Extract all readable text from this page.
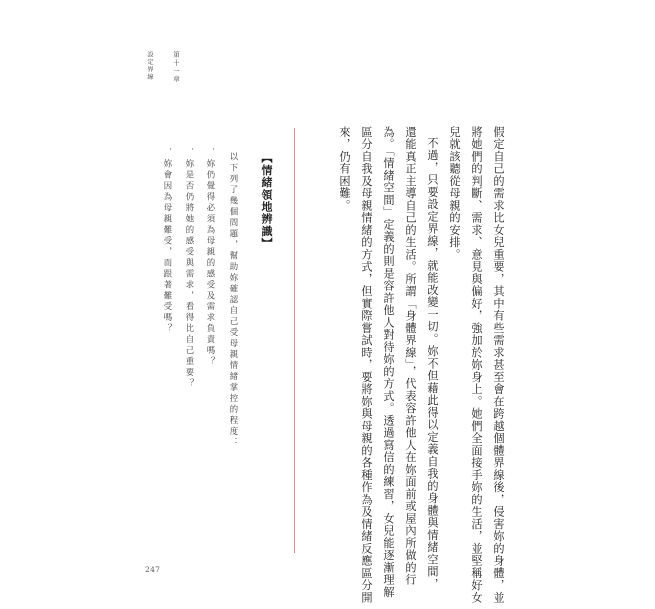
第十一章
設定界線
假定自己的需求比女兒重要，其中有些需求甚至會在跨越個體界線後，侵害妳的身體，並
將她們的判斷、需求、意見與偏好，強加於妳身上。她們全面接手妳的生活，並堅稱好女
兒就該聽從母親的安排。
不過，只要設定界線，就能改變一切。妳不但藉此得以定義自我的身體與情緒空間，
還能真正主導自己的生活。所謂「身體界線」，代表容許他人在妳面前或屋內所做的行
為。「情緒空間」定義的則是容許他人對待妳的方式。透過寫信的練習，女兒能逐漸理解
區分自我及母親情緒的方式，但實際嘗試時，要將妳與母親的各種作為及情緒反應區分開
來，仍有困難。
【情緒領地辨識】
以下列了幾個問題，幫助妳確認自己受母親情緒掌控的程度：
．妳仍覺得必須為母親的感受及需求負責嗎？
．妳是否仍將她的感受與需求，看得比自己重要？
．妳會因為母親難受，而跟著難受嗎？
247
